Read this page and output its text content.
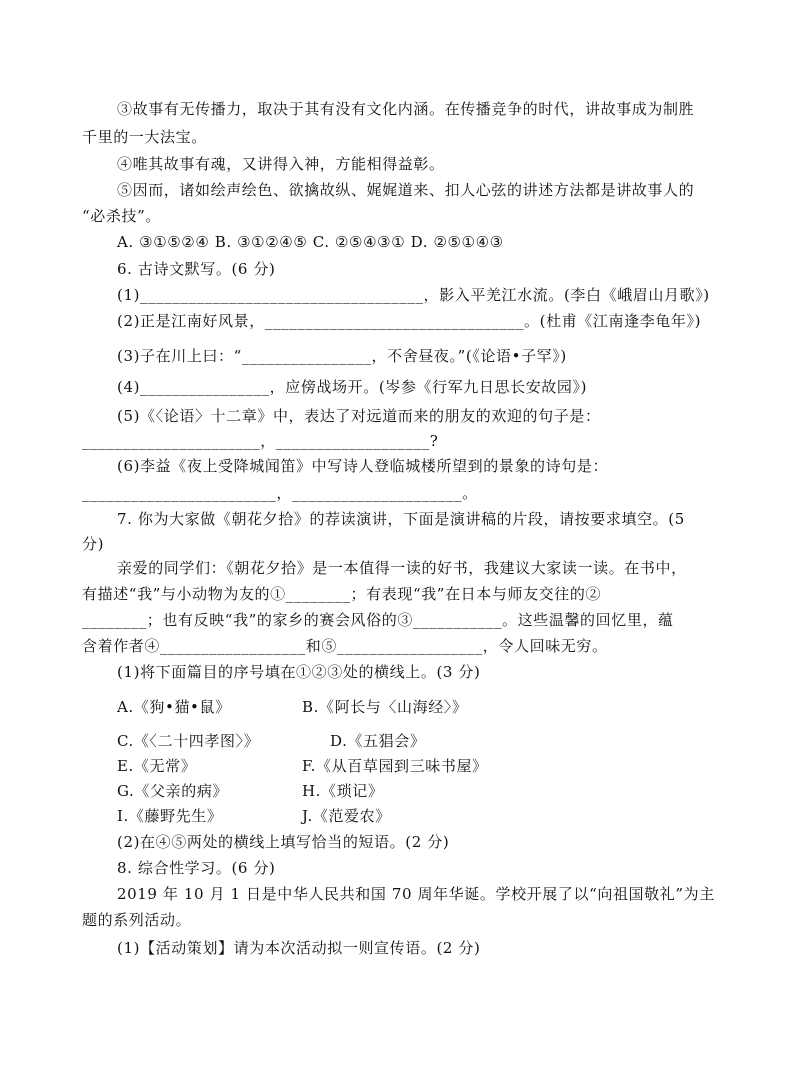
③故事有无传播力，取决于其有没有文化内涵。在传播竞争的时代，讲故事成为制胜
千里的一大法宝。
④唯其故事有魂，又讲得入神，方能相得益彰。
⑤因而，诸如绘声绘色、欲擒故纵、娓娓道来、扣人心弦的讲述方法都是讲故事人的
“必杀技”。
A. ③①⑤②④ B. ③①②④⑤ C. ②⑤④③① D. ②⑤①④③
6. 古诗文默写。(6 分)
(1)___________________________________，影入平羌江水流。(李白《峨眉山月歌》)
(2)正是江南好风景，________________________________。(杜甫《江南逢李龟年》)
(3)子在川上曰：“________________，不舍昼夜。”(《论语•子罕》)
(4)________________，应傍战场开。(岑参《行军九日思长安故园》)
(5)《〈论语〉十二章》中，表达了对远道而来的朋友的欢迎的句子是：
______________________，___________________?
(6)李益《夜上受降城闻笛》中写诗人登临城楼所望到的景象的诗句是：
________________________，_____________________。
7. 你为大家做《朝花夕拾》的荐读演讲，下面是演讲稿的片段，请按要求填空。(5
分)
亲爱的同学们：《朝花夕拾》是一本值得一读的好书，我建议大家读一读。在书中，
有描述“我”与小动物为友的①________；有表现“我”在日本与师友交往的②
________；也有反映“我”的家乡的赛会风俗的③___________。这些温馨的回忆里，蕴
含着作者④__________________和⑤__________________，令人回味无穷。
(1)将下面篇目的序号填在①②③处的横线上。(3 分)
A.《狗•猫•鼠》	B.《阿长与〈山海经〉》
C.《〈二十四孝图〉》	D.《五猖会》
E.《无常》	F.《从百草园到三味书屋》
G.《父亲的病》	H.《琐记》
I.《藤野先生》	J.《范爱农》
(2)在④⑤两处的横线上填写恰当的短语。(2 分)
8. 综合性学习。(6 分)
2019 年 10 月 1 日是中华人民共和国 70 周年华诞。学校开展了以“向祖国敬礼”为主
题的系列活动。
(1)【活动策划】请为本次活动拟一则宣传语。(2 分)
